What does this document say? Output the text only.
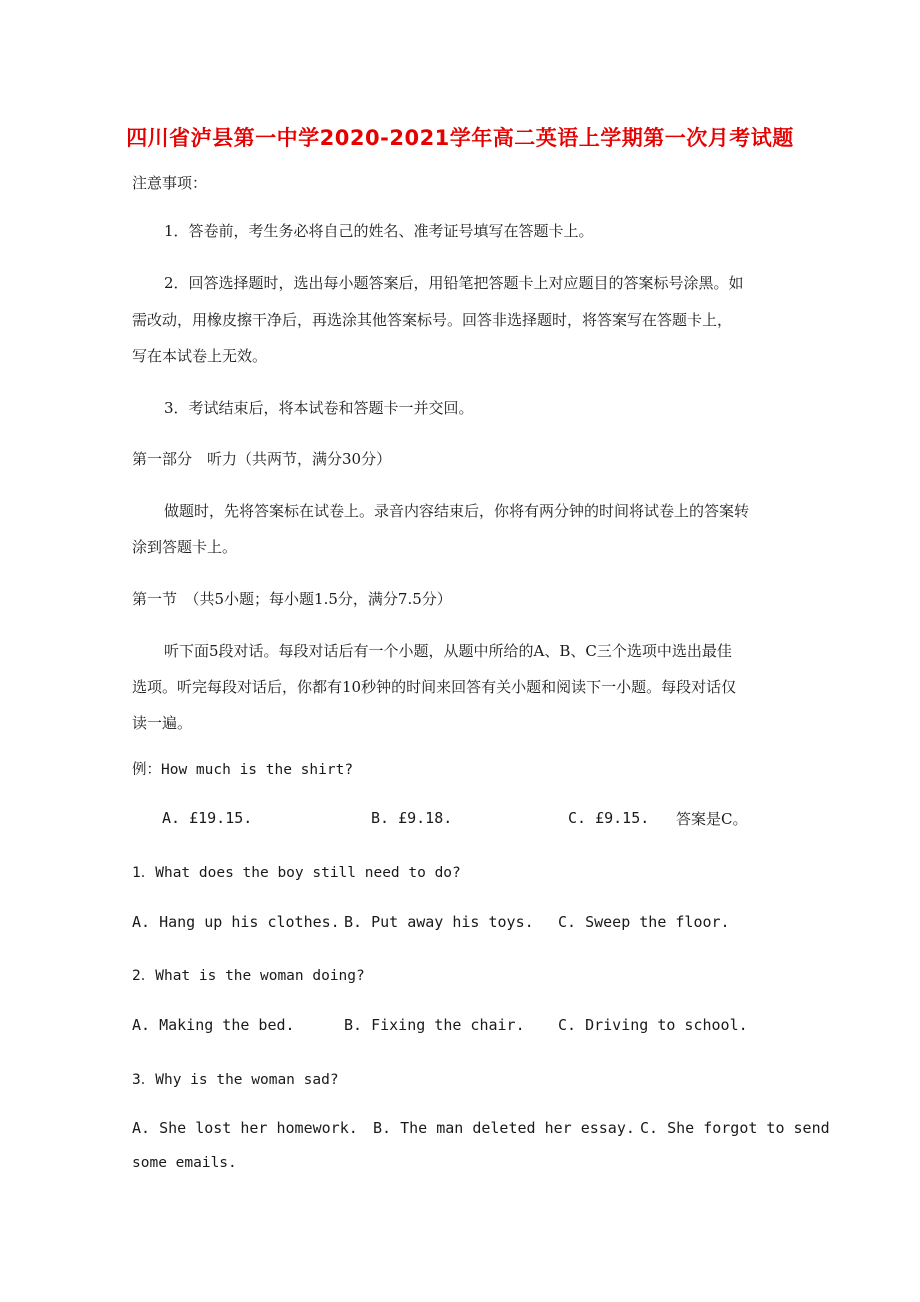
四川省泸县第一中学2020-2021学年高二英语上学期第一次月考试题
注意事项：
1．答卷前，考生务必将自己的姓名、准考证号填写在答题卡上。
2．回答选择题时，选出每小题答案后，用铅笔把答题卡上对应题目的答案标号涂黑。如
需改动，用橡皮擦干净后，再选涂其他答案标号。回答非选择题时，将答案写在答题卡上，
写在本试卷上无效。
3．考试结束后，将本试卷和答题卡一并交回。
第一部分　听力（共两节，满分30分）
做题时，先将答案标在试卷上。录音内容结束后，你将有两分钟的时间将试卷上的答案转
涂到答题卡上。
第一节　（共5小题；每小题1.5分，满分7.5分）
听下面5段对话。每段对话后有一个小题，从题中所给的A、B、C三个选项中选出最佳
选项。听完每段对话后，你都有10秒钟的时间来回答有关小题和阅读下一小题。每段对话仅
读一遍。
例：How much is the shirt?
A. £19.15.	B. £9.18.	C. £9.15. 答案是C。
1．What does the boy still need to do?
A. Hang up his clothes. B. Put away his toys. C. Sweep the floor.
2．What is the woman doing?
A. Making the bed.	B. Fixing the chair. C. Driving to school.
3．Why is the woman sad?
A. She lost her homework. B. The man deleted her essay. C. She forgot to send
some emails.
